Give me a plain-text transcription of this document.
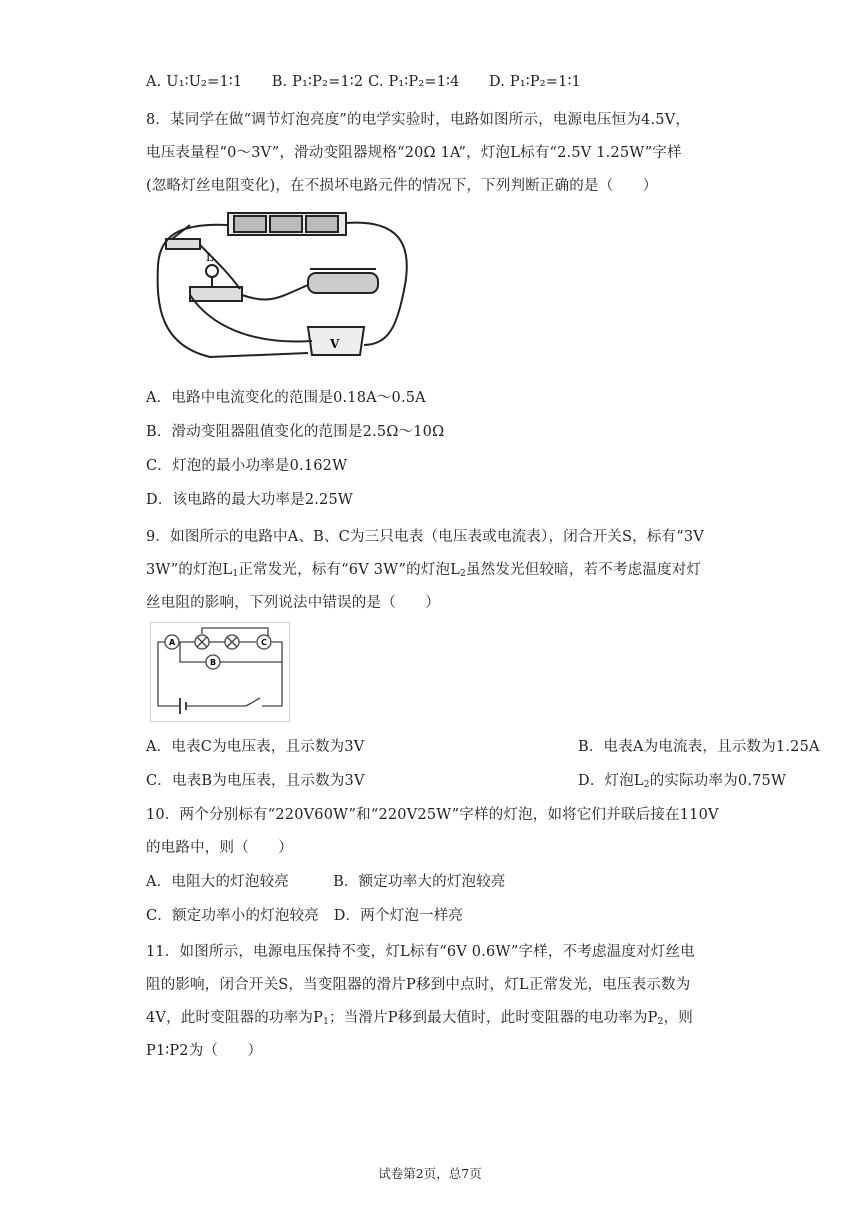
A. U₁∶U₂=1∶1　　B. P₁∶P₂=1∶2 C. P₁∶P₂=1∶4　　D. P₁∶P₂=1∶1
8．某同学在做“调节灯泡亮度”的电学实验时，电路如图所示，电源电压恒为4.5V，
电压表量程“0～3V”，滑动变阻器规格“20Ω 1A”，灯泡L标有“2.5V 1.25W”字样
(忽略灯丝电阻变化)，在不损坏电路元件的情况下，下列判断正确的是（　　）
L
V
A．电路中电流变化的范围是0.18A～0.5A
B．滑动变阻器阻值变化的范围是2.5Ω～10Ω
C．灯泡的最小功率是0.162W
D．该电路的最大功率是2.25W
9．如图所示的电路中A、B、C为三只电表（电压表或电流表），闭合开关S，标有“3V
3W”的灯泡$L_1$正常发光，标有“6V 3W”的灯泡$L_2$虽然发光但较暗，若不考虑温度对灯
丝电阻的影响，下列说法中错误的是（　　）
A
B
C
A．电表C为电压表，且示数为3V	B．电表A为电流表，且示数为1.25A
C．电表B为电压表，且示数为3V	D．灯泡$L_2$的实际功率为0.75W
10．两个分别标有“220V60W”和“220V25W”字样的灯泡，如将它们并联后接在110V
的电路中，则（　　）
A．电阻大的灯泡较亮　　　B．额定功率大的灯泡较亮
C．额定功率小的灯泡较亮　D．两个灯泡一样亮
11．如图所示，电源电压保持不变，灯L标有“6V 0.6W”字样，不考虑温度对灯丝电
阻的影响，闭合开关S，当变阻器的滑片P移到中点时，灯L正常发光，电压表示数为
4V，此时变阻器的功率为$P_1$；当滑片P移到最大值时，此时变阻器的电功率为$P_2$，则
P1∶P2为（　　）
试卷第2页，总7页
